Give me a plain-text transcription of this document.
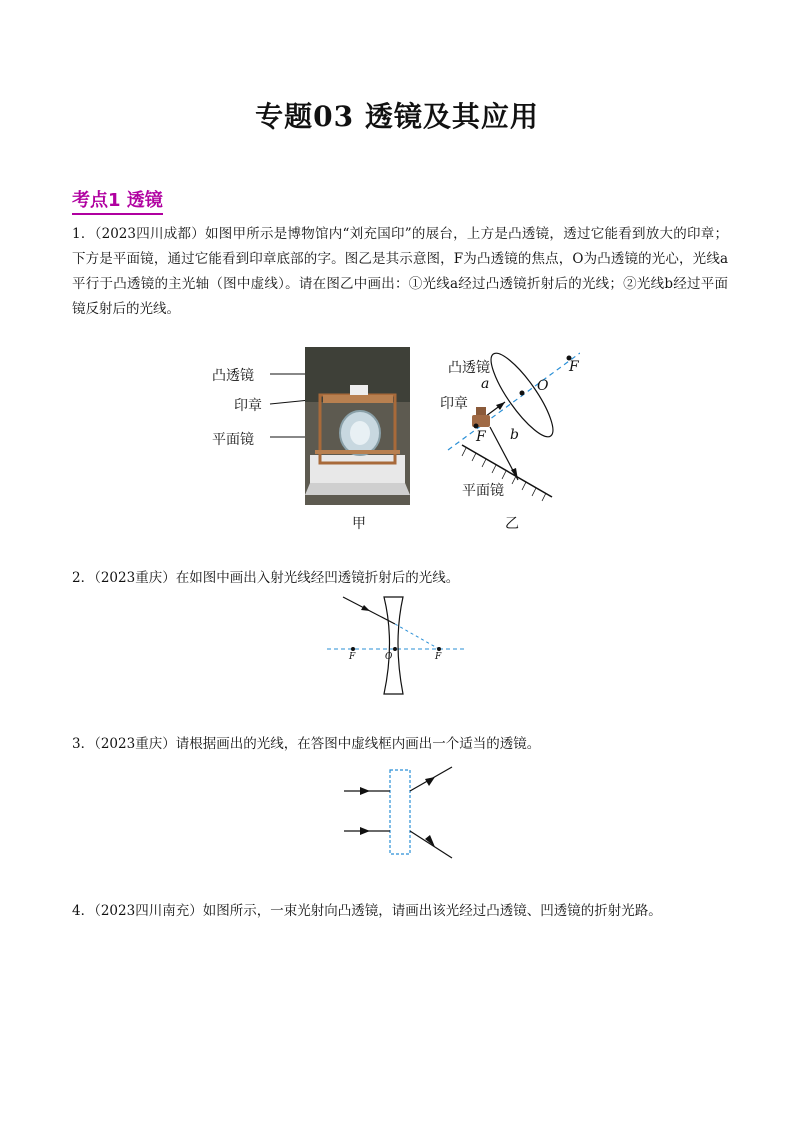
专题03 透镜及其应用
考点1 透镜
1．（2023四川成都）如图甲所示是博物馆内“刘充国印”的展台，上方是凸透镜，透过它能看到放大的印章；下方是平面镜，通过它能看到印章底部的字。图乙是其示意图，F为凸透镜的焦点，O为凸透镜的光心，光线a平行于凸透镜的主光轴（图中虚线）。请在图乙中画出：①光线a经过凸透镜折射后的光线；②光线b经过平面镜反射后的光线。
凸透镜
印章
平面镜
凸透镜
印章
平面镜
a
b
O
F
F
甲	乙
2．（2023重庆）在如图中画出入射光线经凹透镜折射后的光线。
F	O	F
3．（2023重庆）请根据画出的光线，在答图中虚线框内画出一个适当的透镜。
4．（2023四川南充）如图所示，一束光射向凸透镜，请画出该光经过凸透镜、凹透镜的折射光路。
